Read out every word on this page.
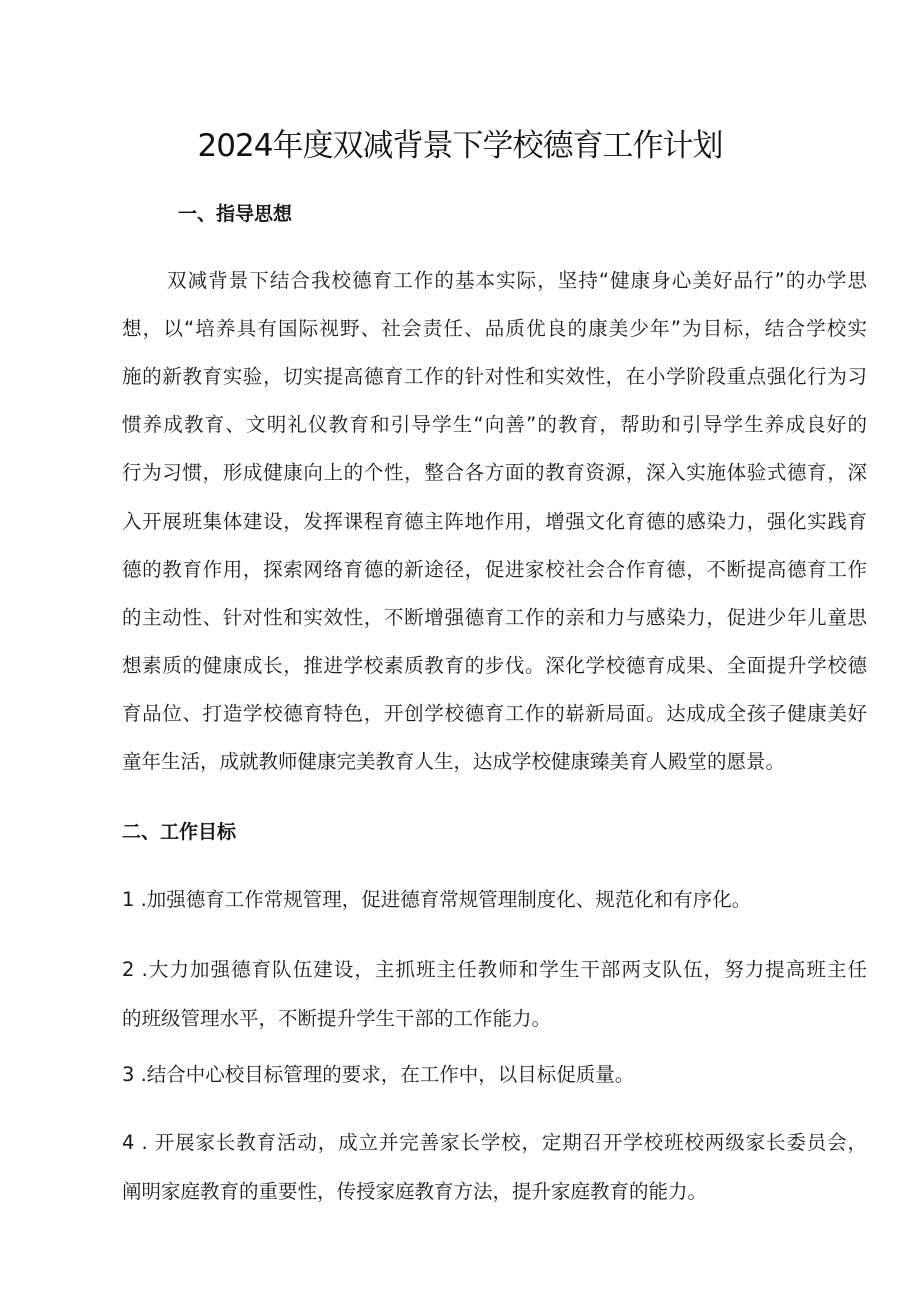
2024年度双减背景下学校德育工作计划
一、指导思想
双减背景下结合我校德育工作的基本实际，坚持“健康身心美好品行”的办学思
想，以“培养具有国际视野、社会责任、品质优良的康美少年”为目标，结合学校实
施的新教育实验，切实提高德育工作的针对性和实效性，在小学阶段重点强化行为习
惯养成教育、文明礼仪教育和引导学生“向善”的教育，帮助和引导学生养成良好的
行为习惯，形成健康向上的个性，整合各方面的教育资源，深入实施体验式德育，深
入开展班集体建设，发挥课程育德主阵地作用，增强文化育德的感染力，强化实践育
德的教育作用，探索网络育德的新途径，促进家校社会合作育德，不断提高德育工作
的主动性、针对性和实效性，不断增强德育工作的亲和力与感染力，促进少年儿童思
想素质的健康成长，推进学校素质教育的步伐。深化学校德育成果、全面提升学校德
育品位、打造学校德育特色，开创学校德育工作的崭新局面。达成成全孩子健康美好
童年生活，成就教师健康完美教育人生，达成学校健康臻美育人殿堂的愿景。
二、工作目标
1 .加强德育工作常规管理，促进德育常规管理制度化、规范化和有序化。
2 .大力加强德育队伍建设，主抓班主任教师和学生干部两支队伍，努力提高班主任
的班级管理水平，不断提升学生干部的工作能力。
3 .结合中心校目标管理的要求，在工作中，以目标促质量。
4 . 开展家长教育活动，成立并完善家长学校，定期召开学校班校两级家长委员会，
阐明家庭教育的重要性，传授家庭教育方法，提升家庭教育的能力。
